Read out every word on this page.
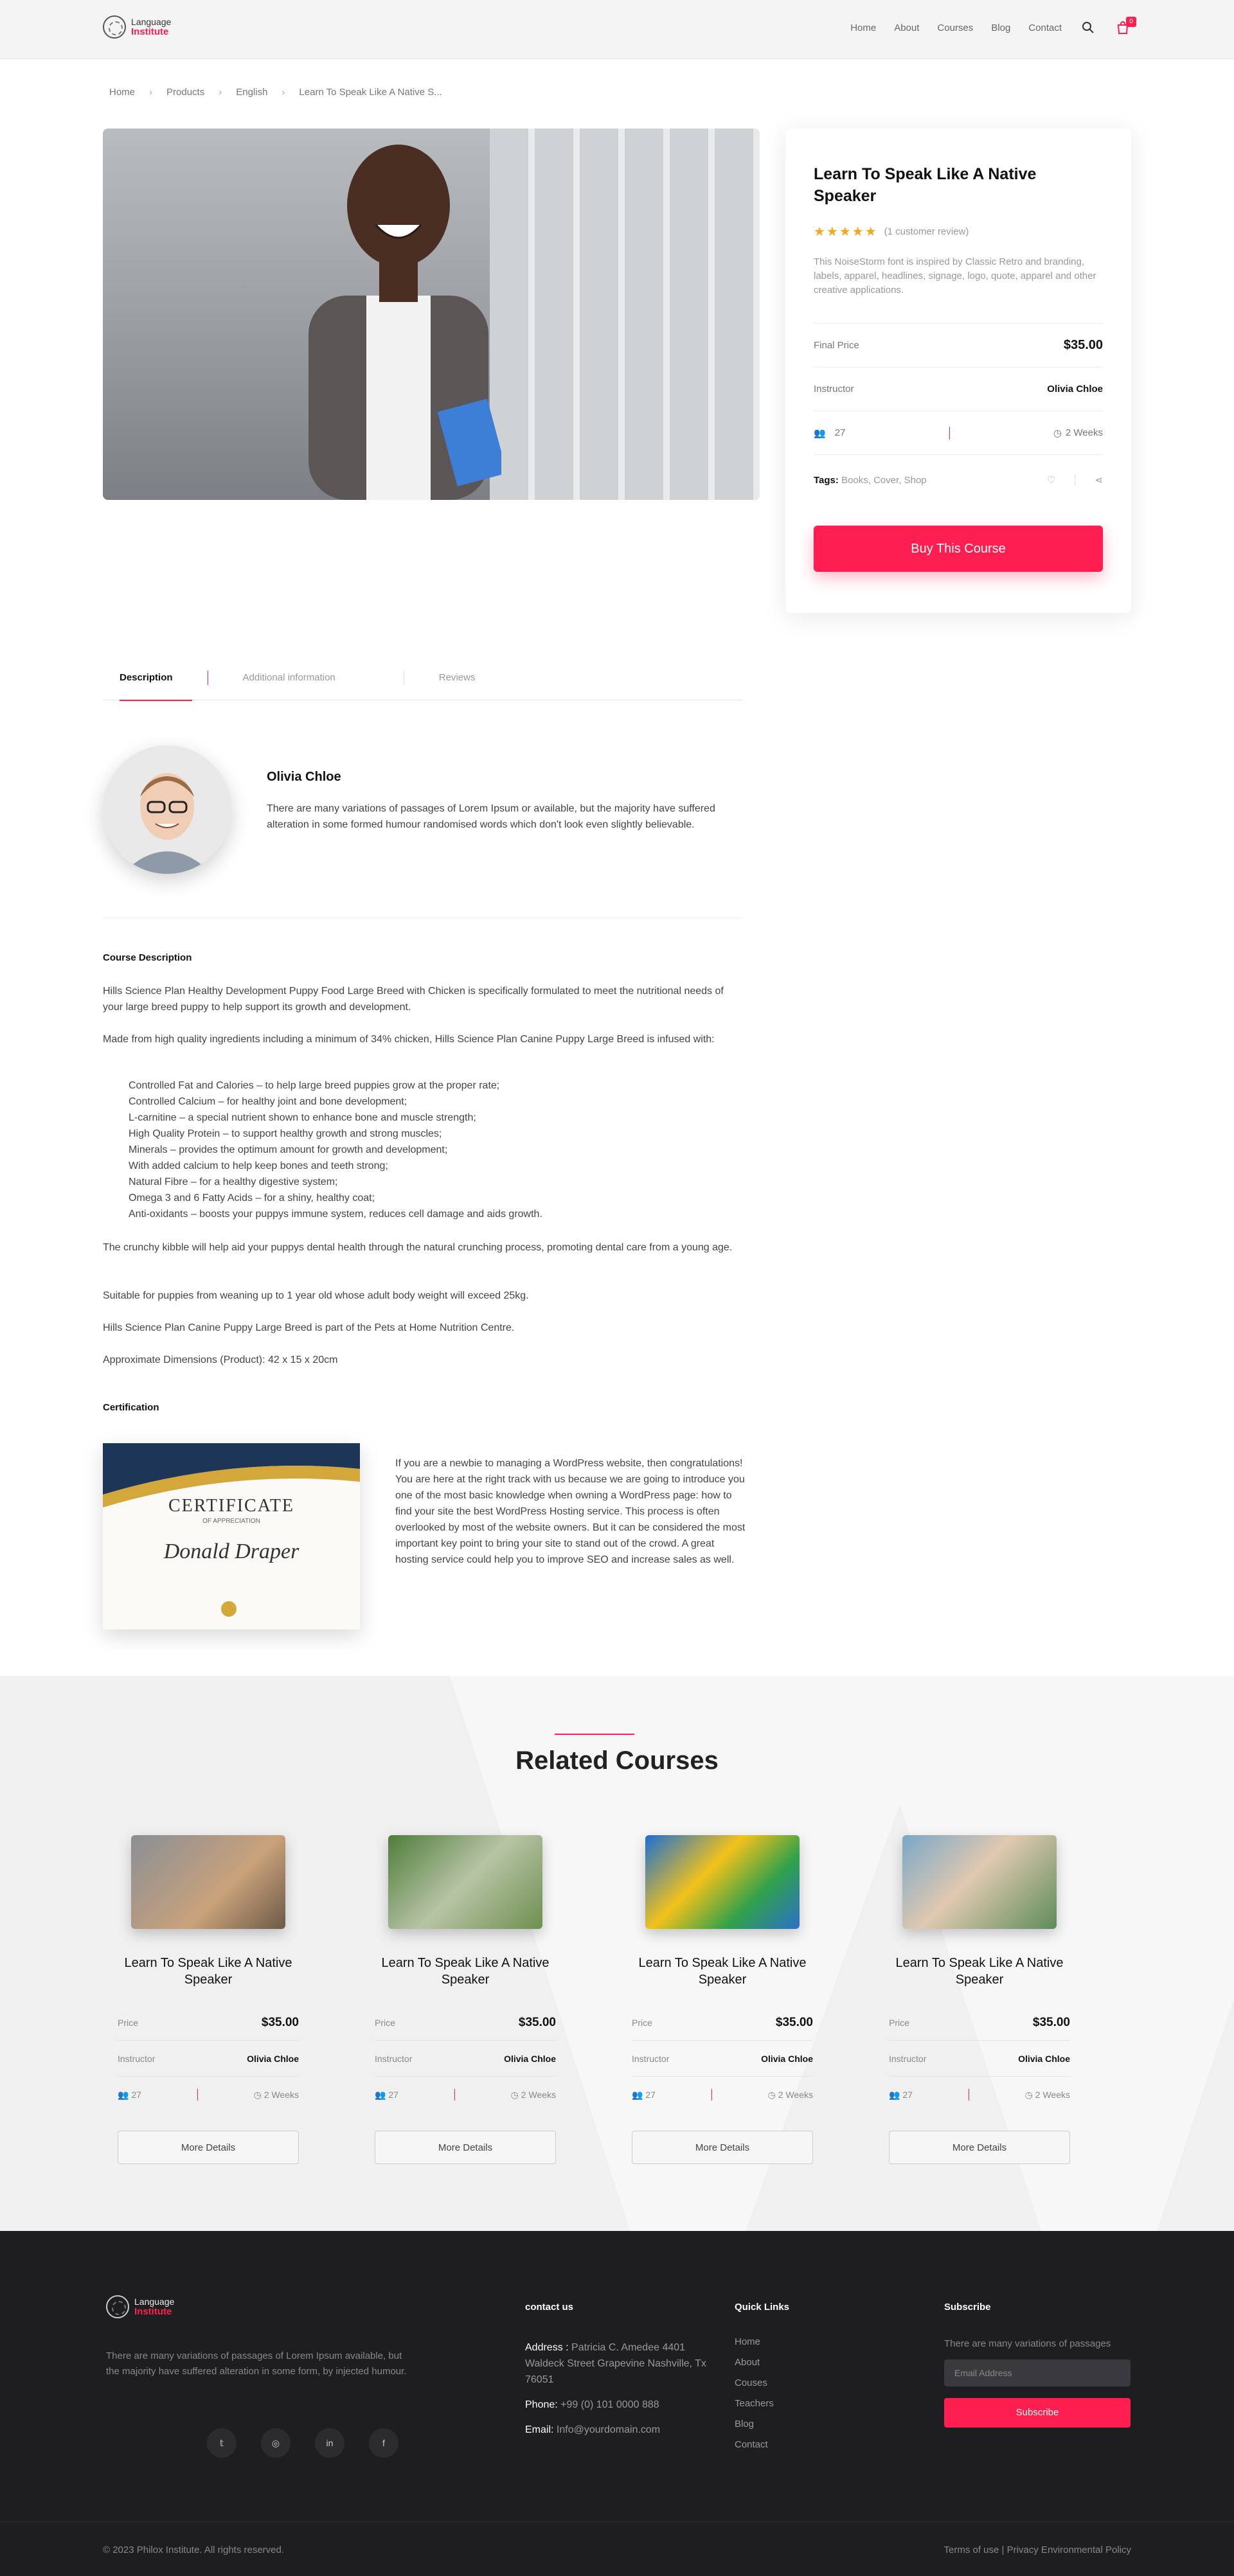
Language
Institute	Home About Courses Blog Contact
0
Home › Products › English › Learn To Speak Like A Native S...
Learn To Speak Like A Native Speaker
★★★★★ (1 customer review)

This NoiseStorm font is inspired by Classic Retro and branding, labels, apparel, headlines, signage, logo, quote, apparel and other creative applications.

Final Price	$35.00
Instructor	Olivia Chloe
👥 27	◷ 2 Weeks
Tags: Books, Cover, Shop	♡	⋖
Buy This Course
Description	Additional information	Reviews
Olivia Chloe
There are many variations of passages of Lorem Ipsum or available, but the majority have suffered alteration in some formed humour randomised words which don't look even slightly believable.
Course Description

Hills Science Plan Healthy Development Puppy Food Large Breed with Chicken is specifically formulated to meet the nutritional needs of your large breed puppy to help support its growth and development.

Made from high quality ingredients including a minimum of 34% chicken, Hills Science Plan Canine Puppy Large Breed is infused with:

Controlled Fat and Calories – to help large breed puppies grow at the proper rate;
Controlled Calcium – for healthy joint and bone development;
L-carnitine – a special nutrient shown to enhance bone and muscle strength;
High Quality Protein – to support healthy growth and strong muscles;
Minerals – provides the optimum amount for growth and development;
With added calcium to help keep bones and teeth strong;
Natural Fibre – for a healthy digestive system;
Omega 3 and 6 Fatty Acids – for a shiny, healthy coat;
Anti-oxidants – boosts your puppys immune system, reduces cell damage and aids growth.

The crunchy kibble will help aid your puppys dental health through the natural crunching process, promoting dental care from a young age.

Suitable for puppies from weaning up to 1 year old whose adult body weight will exceed 25kg.

Hills Science Plan Canine Puppy Large Breed is part of the Pets at Home Nutrition Centre.

Approximate Dimensions (Product): 42 x 15 x 20cm

Certification
CERTIFICATE
OF APPRECIATION
Donald Draper
If you are a newbie to managing a WordPress website, then congratulations! You are here at the right track with us because we are going to introduce you one of the most basic knowledge when owning a WordPress page: how to find your site the best WordPress Hosting service. This process is often overlooked by most of the website owners. But it can be considered the most important key point to bring your site to stand out of the crowd. A great hosting service could help you to improve SEO and increase sales as well.
Related Courses
Learn To Speak Like A Native Speaker
Price	$35.00
Instructor	Olivia Chloe
👥 27	◷ 2 Weeks
More Details
Learn To Speak Like A Native Speaker
Price	$35.00
Instructor	Olivia Chloe
👥 27	◷ 2 Weeks
More Details
Learn To Speak Like A Native Speaker
Price	$35.00
Instructor	Olivia Chloe
👥 27	◷ 2 Weeks
More Details
Learn To Speak Like A Native Speaker
Price	$35.00
Instructor	Olivia Chloe
👥 27	◷ 2 Weeks
More Details
Language
Institute

There are many variations of passages of Lorem Ipsum available, but the majority have suffered alteration in some form, by injected humour.

𝕥	◎	in	f
contact us

Address : Patricia C. Amedee 4401 Waldeck Street Grapevine Nashville, Tx 76051

Phone: +99 (0) 101 0000 888

Email: Info@yourdomain.com

Quick Links
Home
About
Couses
Teachers
Blog
Contact
Subscribe
There are many variations of passages
Email Address
Subscribe
© 2023 Philox Institute. All rights reserved.	Terms of use | Privacy Environmental Policy
